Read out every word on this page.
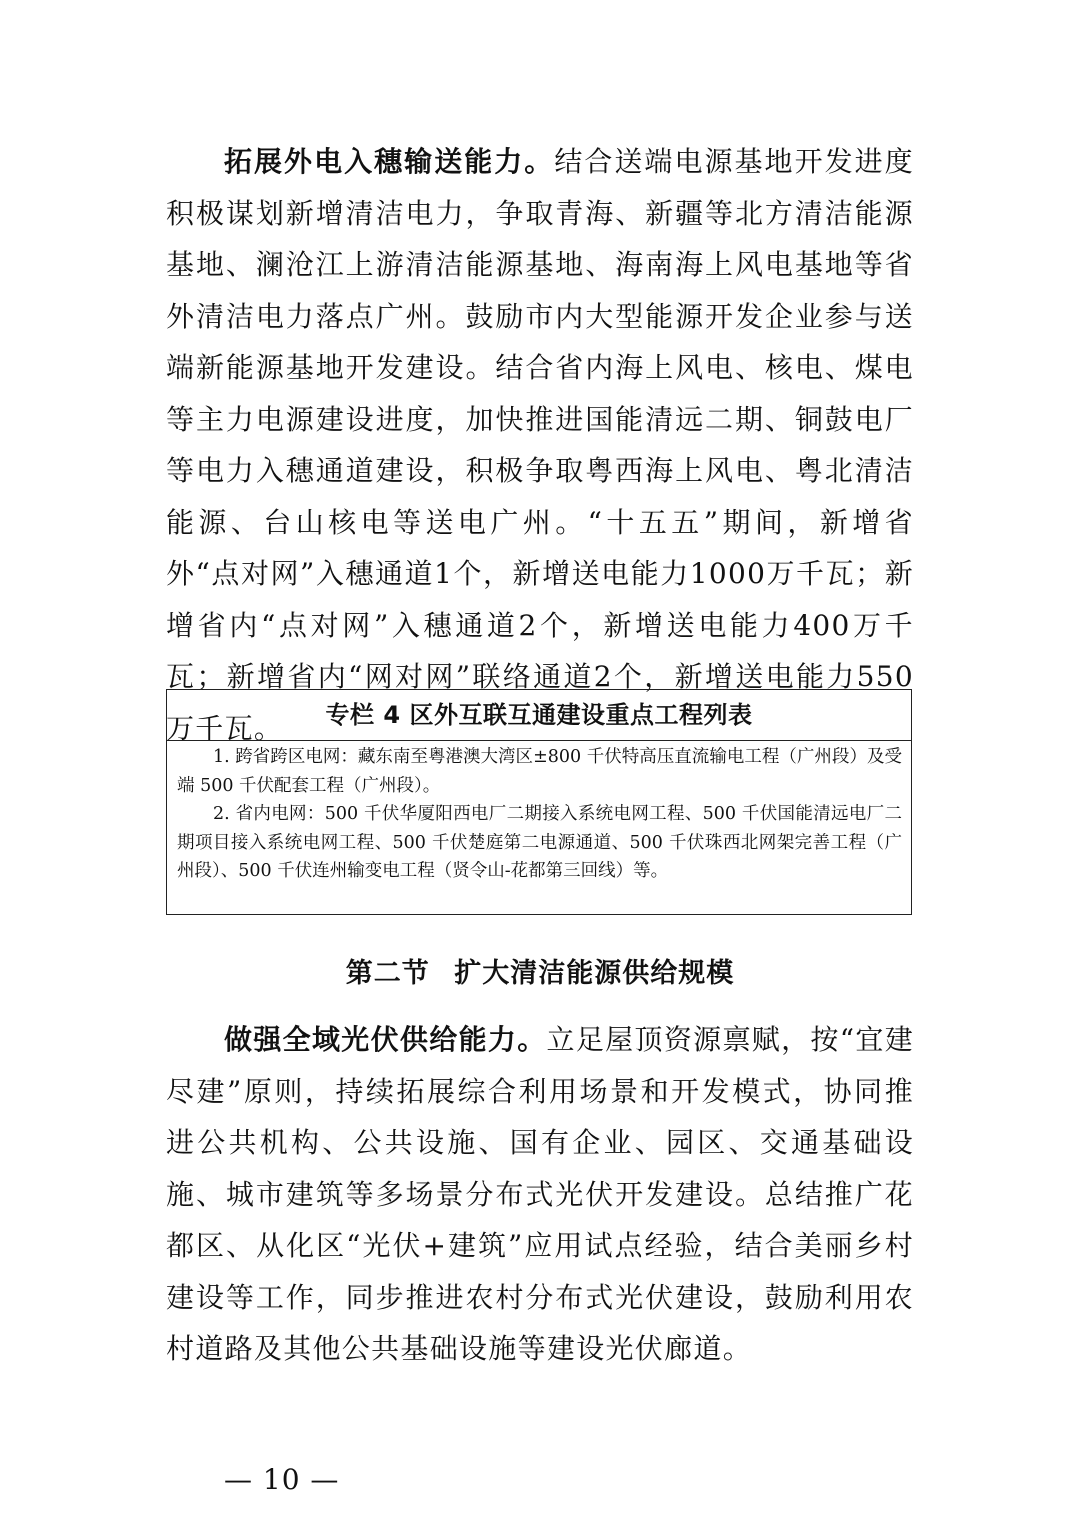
拓展外电入穗输送能力。结合送端电源基地开发进度积极谋划新增清洁电力，争取青海、新疆等北方清洁能源基地、澜沧江上游清洁能源基地、海南海上风电基地等省外清洁电力落点广州。鼓励市内大型能源开发企业参与送端新能源基地开发建设。结合省内海上风电、核电、煤电等主力电源建设进度，加快推进国能清远二期、铜鼓电厂等电力入穗通道建设，积极争取粤西海上风电、粤北清洁能源、台山核电等送电广州。“十五五”期间，新增省外“点对网”入穗通道1个，新增送电能力1000万千瓦；新增省内“点对网”入穗通道2个，新增送电能力400万千瓦；新增省内“网对网”联络通道2个，新增送电能力550万千瓦。	专栏 4 区外互联互通建设重点工程列表

1. 跨省跨区电网：藏东南至粤港澳大湾区±800 千伏特高压直流输电工程（广州段）及受端 500 千伏配套工程（广州段）。

2. 省内电网：500 千伏华厦阳西电厂二期接入系统电网工程、500 千伏国能清远电厂二期项目接入系统电网工程、500 千伏楚庭第二电源通道、500 千伏珠西北网架完善工程（广州段）、500 千伏连州输变电工程（贤令山-花都第三回线）等。

第二节 扩大清洁能源供给规模

做强全域光伏供给能力。立足屋顶资源禀赋，按“宜建尽建”原则，持续拓展综合利用场景和开发模式，协同推进公共机构、公共设施、国有企业、园区、交通基础设施、城市建筑等多场景分布式光伏开发建设。总结推广花都区、从化区“光伏+建筑”应用试点经验，结合美丽乡村建设等工作，同步推进农村分布式光伏建设，鼓励利用农村道路及其他公共基础设施等建设光伏廊道。

— 10 —
